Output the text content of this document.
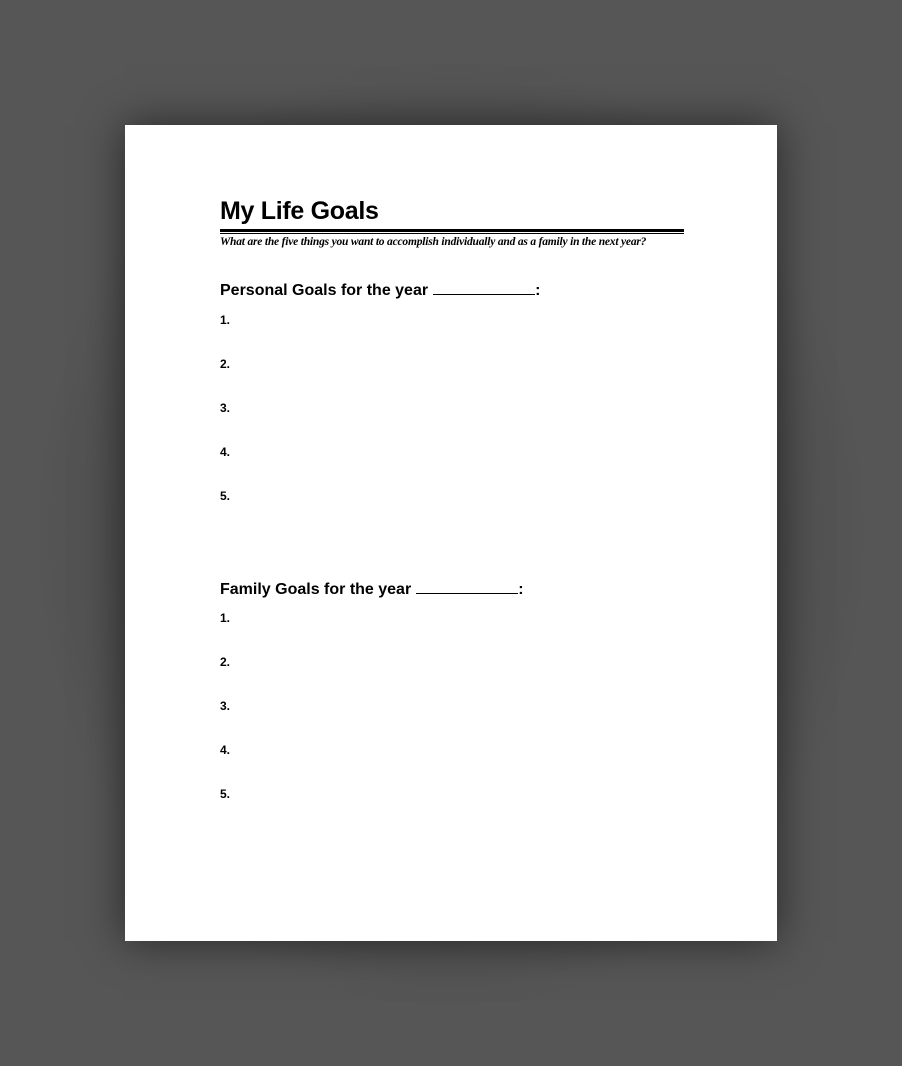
My Life Goals
What are the five things you want to accomplish individually and as a family in the next year?
Personal Goals for the year	:
1.
2.
3.
4.
5.
Family Goals for the year	:
1.
2.
3.
4.
5.
